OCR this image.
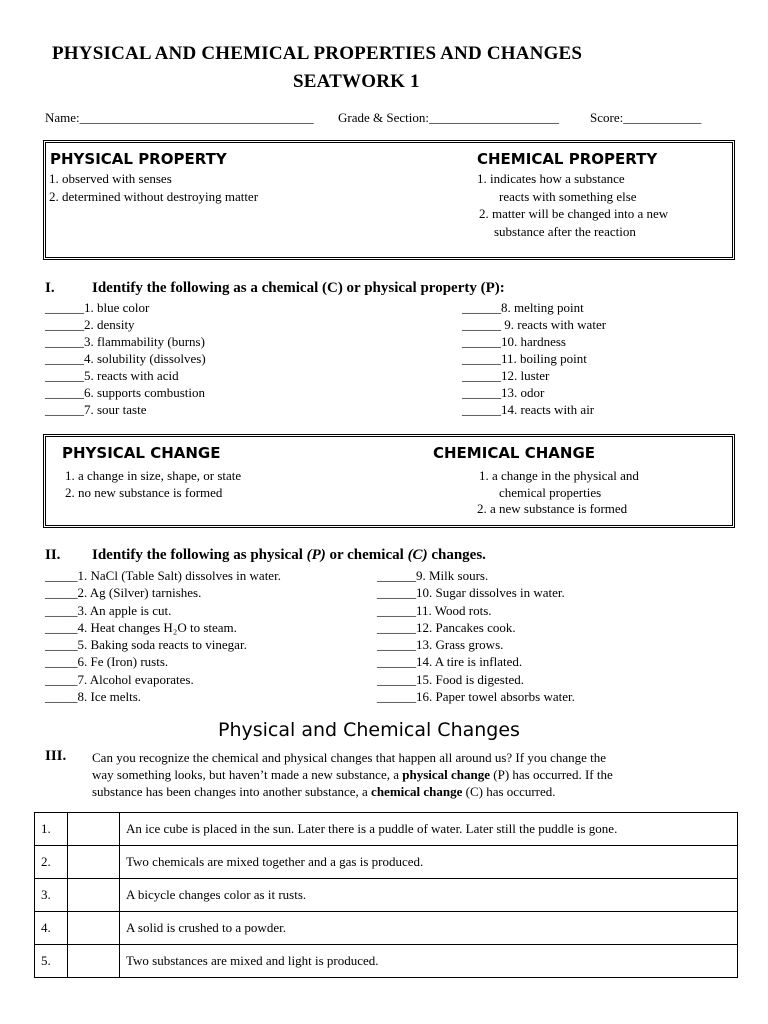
PHYSICAL AND CHEMICAL PROPERTIES AND CHANGES
SEATWORK 1
Name:____________________________________ Grade & Section:____________________ Score:____________
PHYSICAL PROPERTY
1. observed with senses
2. determined without destroying matter
CHEMICAL PROPERTY
1. indicates how a substance
reacts with something else
2. matter will be changed into a new
substance after the reaction
I. Identify the following as a chemical (C) or physical property (P):
______1. blue color
______2. density
______3. flammability (burns)
______4. solubility (dissolves)
______5. reacts with acid
______6. supports combustion
______7. sour taste
______8. melting point
______ 9. reacts with water
______10. hardness
______11. boiling point
______12. luster
______13. odor
______14. reacts with air
PHYSICAL CHANGE
1. a change in size, shape, or state
2. no new substance is formed
CHEMICAL CHANGE
1. a change in the physical and
chemical properties
2. a new substance is formed
II. Identify the following as physical (P) or chemical (C) changes.
_____1. NaCl (Table Salt) dissolves in water.
_____2. Ag (Silver) tarnishes.
_____3. An apple is cut.
_____4. Heat changes H₂O to steam.
_____5. Baking soda reacts to vinegar.
_____6. Fe (Iron) rusts.
_____7. Alcohol evaporates.
_____8. Ice melts.
______9. Milk sours.
______10. Sugar dissolves in water.
______11. Wood rots.
______12. Pancakes cook.
______13. Grass grows.
______14. A tire is inflated.
______15. Food is digested.
______16. Paper towel absorbs water.
Physical and Chemical Changes
III. Can you recognize the chemical and physical changes that happen all around us? If you change the
way something looks, but haven’t made a new substance, a physical change (P) has occurred. If the
substance has been changes into another substance, a chemical change (C) has occurred.
1.		An ice cube is placed in the sun. Later there is a puddle of water. Later still the puddle is gone.
2.		Two chemicals are mixed together and a gas is produced.
3.		A bicycle changes color as it rusts.
4.		A solid is crushed to a powder.
5.		Two substances are mixed and light is produced.
